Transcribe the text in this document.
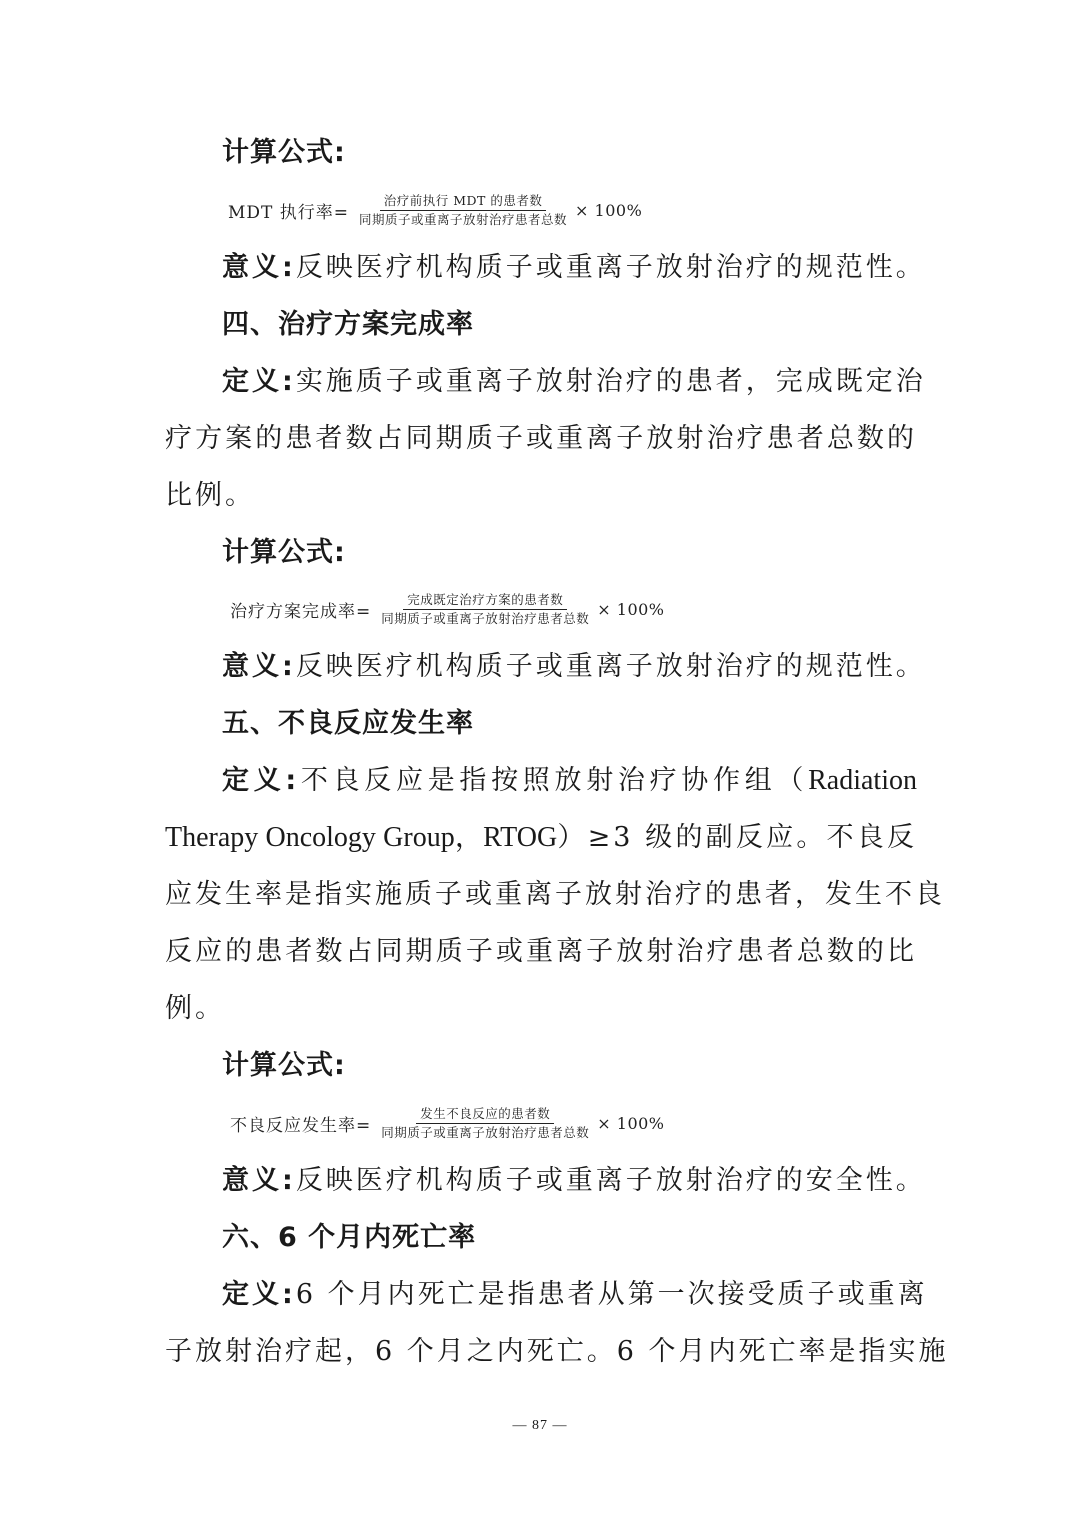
计算公式:
MDT 执行率= $\frac{\text{治疗前执行 MDT 的患者数}}{\text{同期质子或重离子放射治疗患者总数}} \times 100\%$
意义:反映医疗机构质子或重离子放射治疗的规范性。
四、治疗方案完成率
定义:实施质子或重离子放射治疗的患者，完成既定治
疗方案的患者数占同期质子或重离子放射治疗患者总数的
比例。
计算公式:
治疗方案完成率= $\frac{\text{完成既定治疗方案的患者数}}{\text{同期质子或重离子放射治疗患者总数}} \times 100\%$
意义:反映医疗机构质子或重离子放射治疗的规范性。
五、不良反应发生率
定义:不良反应是指按照放射治疗协作组（Radiation
Therapy Oncology Group，RTOG）≥3 级的副反应。不良反
应发生率是指实施质子或重离子放射治疗的患者，发生不良
反应的患者数占同期质子或重离子放射治疗患者总数的比
例。
计算公式:
不良反应发生率= $\frac{\text{发生不良反应的患者数}}{\text{同期质子或重离子放射治疗患者总数}} \times 100\%$
意义:反映医疗机构质子或重离子放射治疗的安全性。
六、6 个月内死亡率
定义:6 个月内死亡是指患者从第一次接受质子或重离
子放射治疗起，6 个月之内死亡。6 个月内死亡率是指实施
— 87 —
